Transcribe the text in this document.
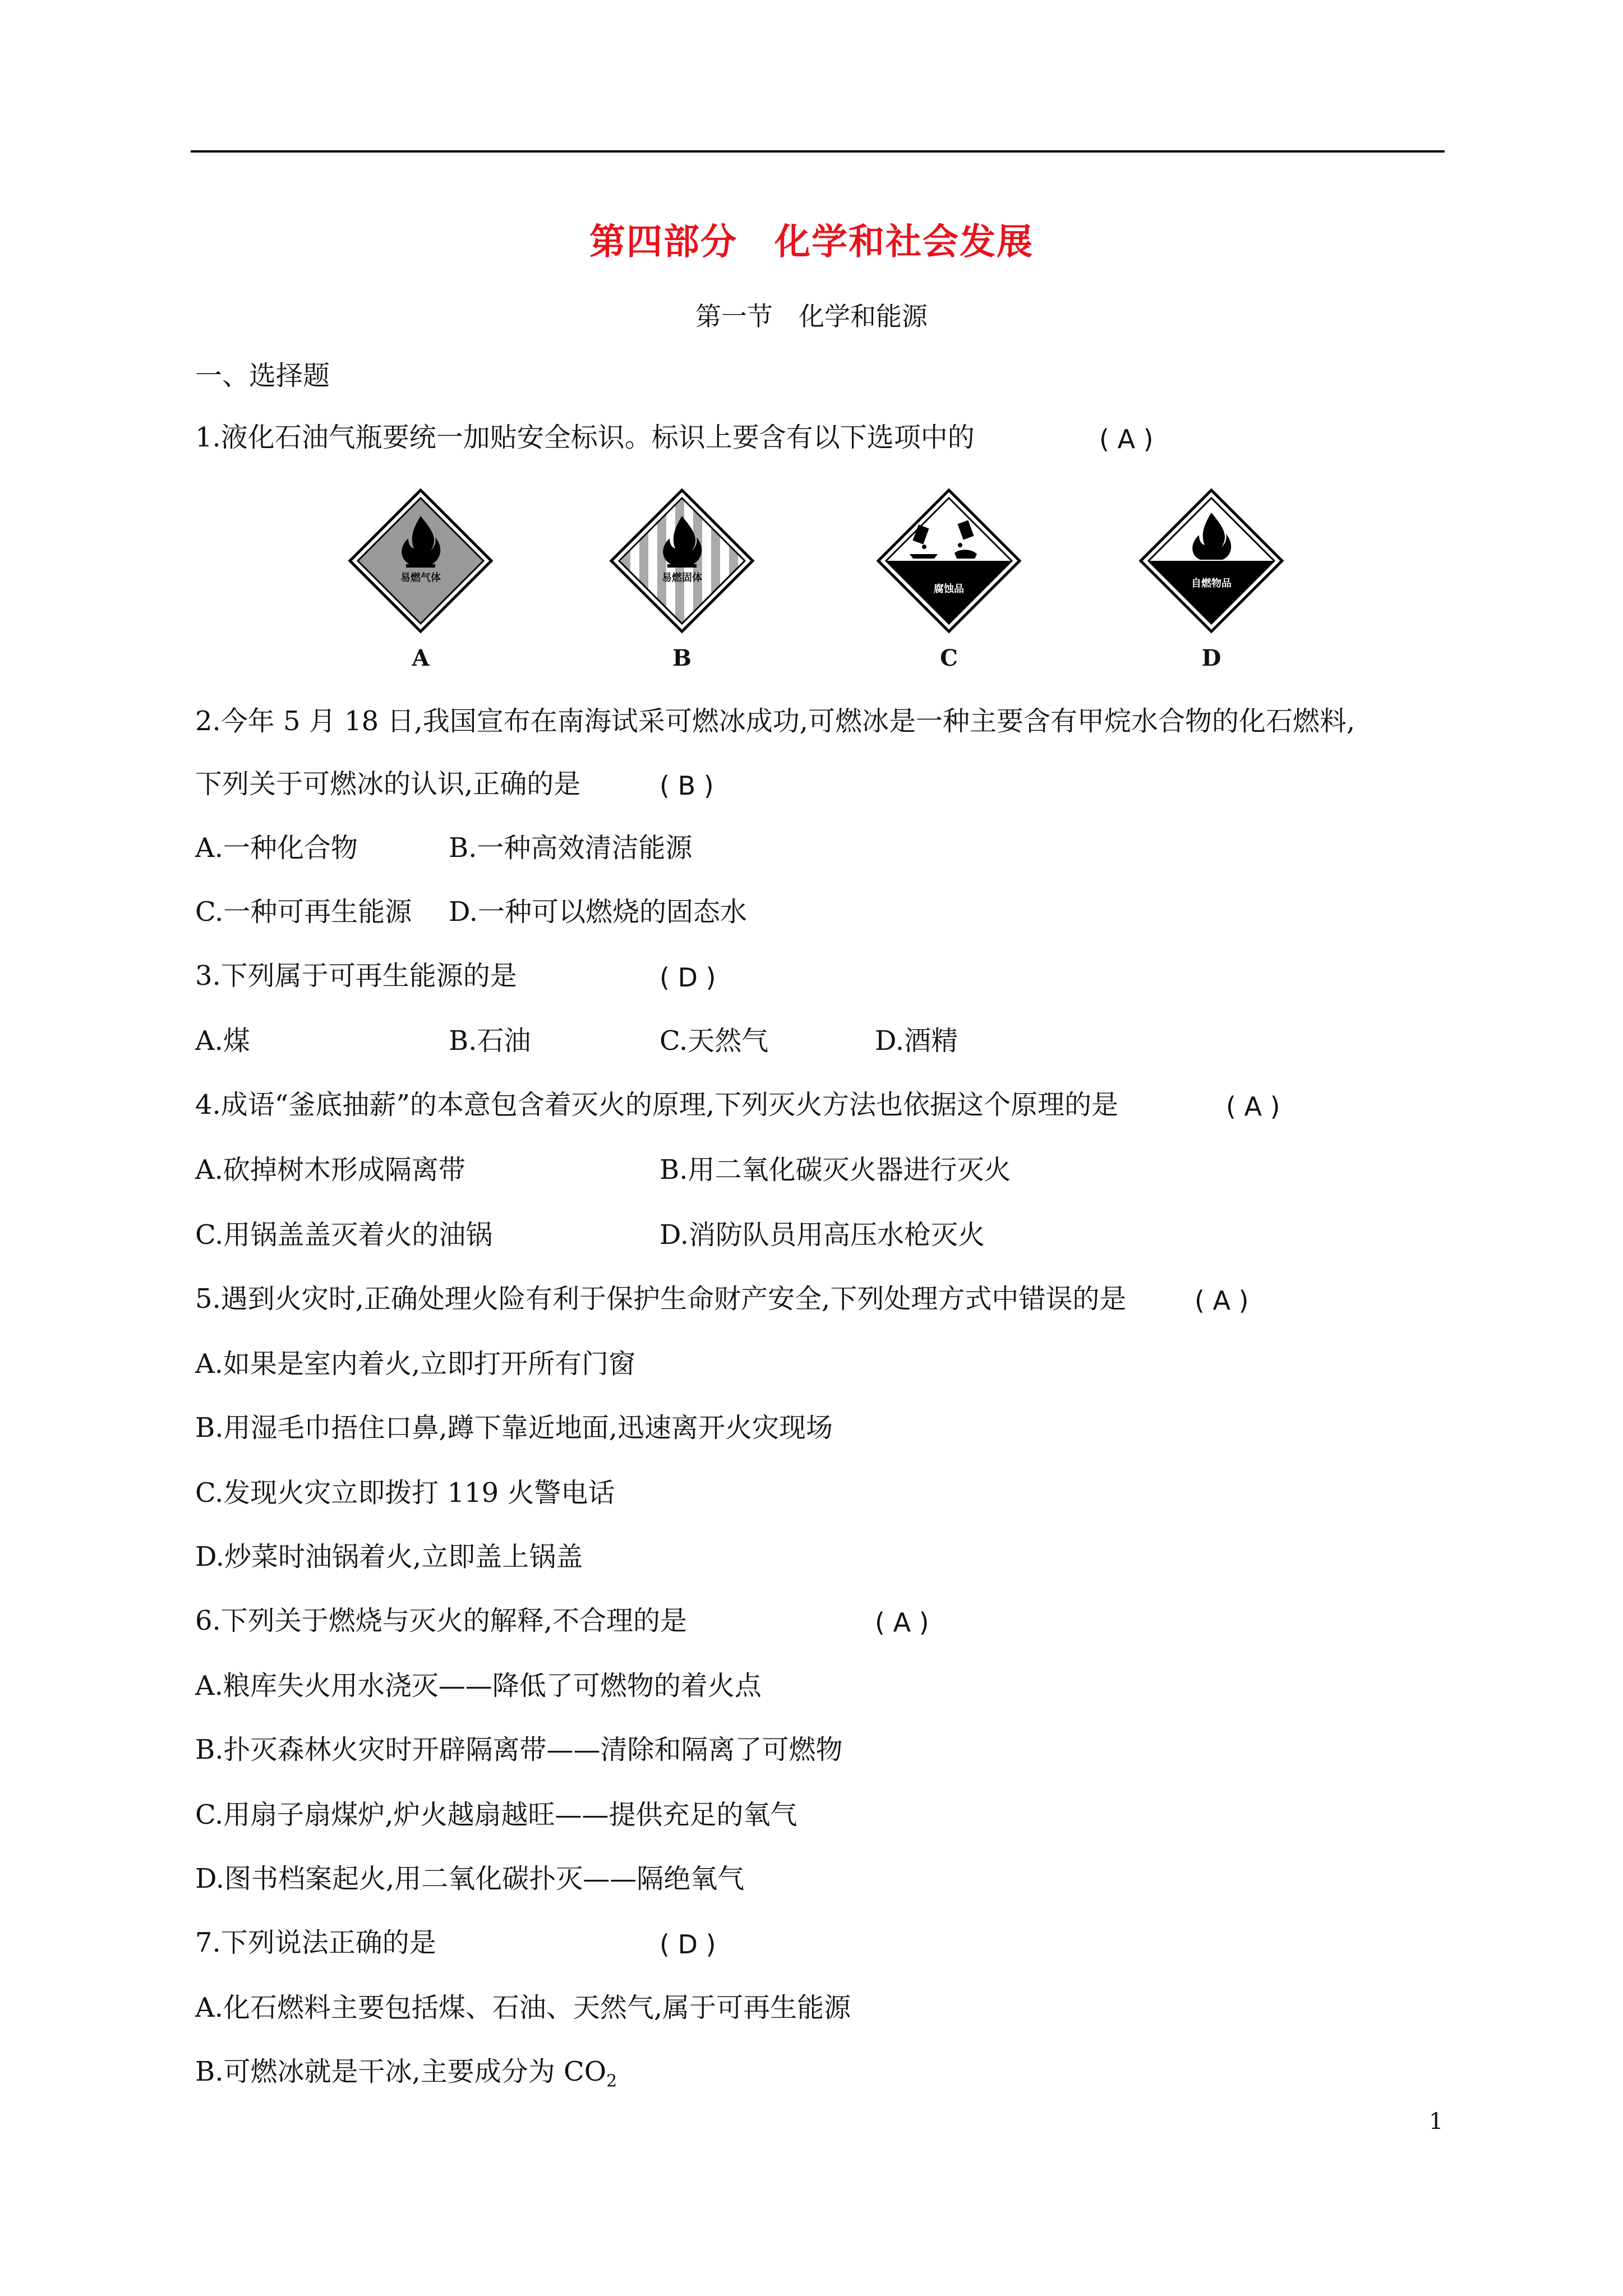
第四部分　化学和社会发展
第一节　化学和能源
一、选择题
1.液化石油气瓶要统一加贴安全标识。标识上要含有以下选项中的	( A )
易燃气体
A
易燃固体
B
腐蚀品
C
自燃物品
D
2.今年 5 月 18 日,我国宣布在南海试采可燃冰成功,可燃冰是一种主要含有甲烷水合物的化石燃料,
下列关于可燃冰的认识,正确的是	( B )
A.一种化合物	B.一种高效清洁能源
C.一种可再生能源 D.一种可以燃烧的固态水
3.下列属于可再生能源的是	( D )
A.煤	B.石油	C.天然气	D.酒精
4.成语“釜底抽薪”的本意包含着灭火的原理,下列灭火方法也依据这个原理的是	( A )
A.砍掉树木形成隔离带	B.用二氧化碳灭火器进行灭火
C.用锅盖盖灭着火的油锅	D.消防队员用高压水枪灭火
5.遇到火灾时,正确处理火险有利于保护生命财产安全,下列处理方式中错误的是	( A )
A.如果是室内着火,立即打开所有门窗
B.用湿毛巾捂住口鼻,蹲下靠近地面,迅速离开火灾现场
C.发现火灾立即拨打 119 火警电话
D.炒菜时油锅着火,立即盖上锅盖
6.下列关于燃烧与灭火的解释,不合理的是	( A )
A.粮库失火用水浇灭——降低了可燃物的着火点
B.扑灭森林火灾时开辟隔离带——清除和隔离了可燃物
C.用扇子扇煤炉,炉火越扇越旺——提供充足的氧气
D.图书档案起火,用二氧化碳扑灭——隔绝氧气
7.下列说法正确的是	( D )
A.化石燃料主要包括煤、石油、天然气,属于可再生能源
B.可燃冰就是干冰,主要成分为 $CO_2$
1
